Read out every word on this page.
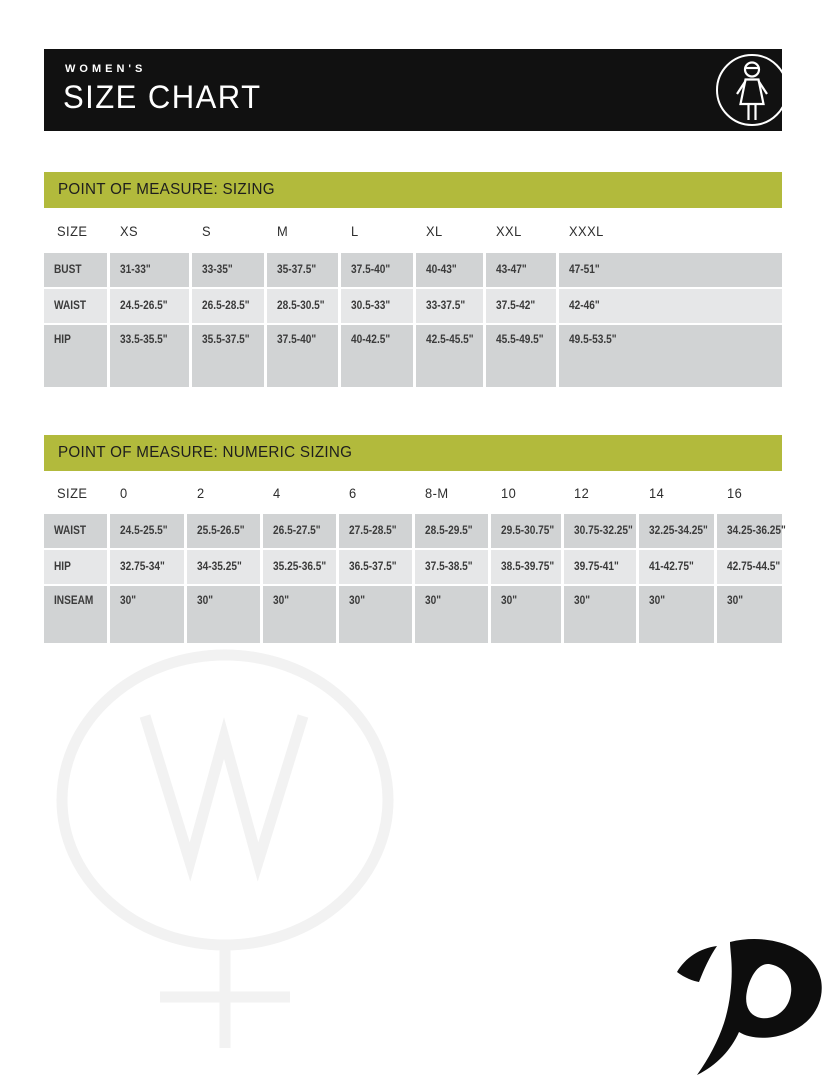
WOMEN'S
SIZE CHART
POINT OF MEASURE: SIZING
SIZE XS	S	M	L	XL	XXL	XXXL
BUST	31-33"	33-35"	35-37.5"	37.5-40"	40-43"	43-47"	47-51"
WAIST	24.5-26.5"	26.5-28.5" 28.5-30.5" 30.5-33"	33-37.5"	37.5-42"	42-46"
HIP	33.5-35.5"	35.5-37.5" 37.5-40"	40-42.5"	42.5-45.5" 45.5-49.5" 49.5-53.5"
POINT OF MEASURE: NUMERIC SIZING
SIZE 0	2	4	6	8-M	10	12	14	16
WAIST	24.5-25.5"	25.5-26.5" 26.5-27.5" 27.5-28.5" 28.5-29.5" 29.5-30.75" 30.75-32.25" 32.25-34.25" 34.25-36.25"
HIP	32.75-34"	34-35.25"	35.25-36.5" 36.5-37.5" 37.5-38.5" 38.5-39.75" 39.75-41"	41-42.75"	42.75-44.5"
INSEAM 30"	30"	30"	30"	30"	30"	30"	30"	30"
